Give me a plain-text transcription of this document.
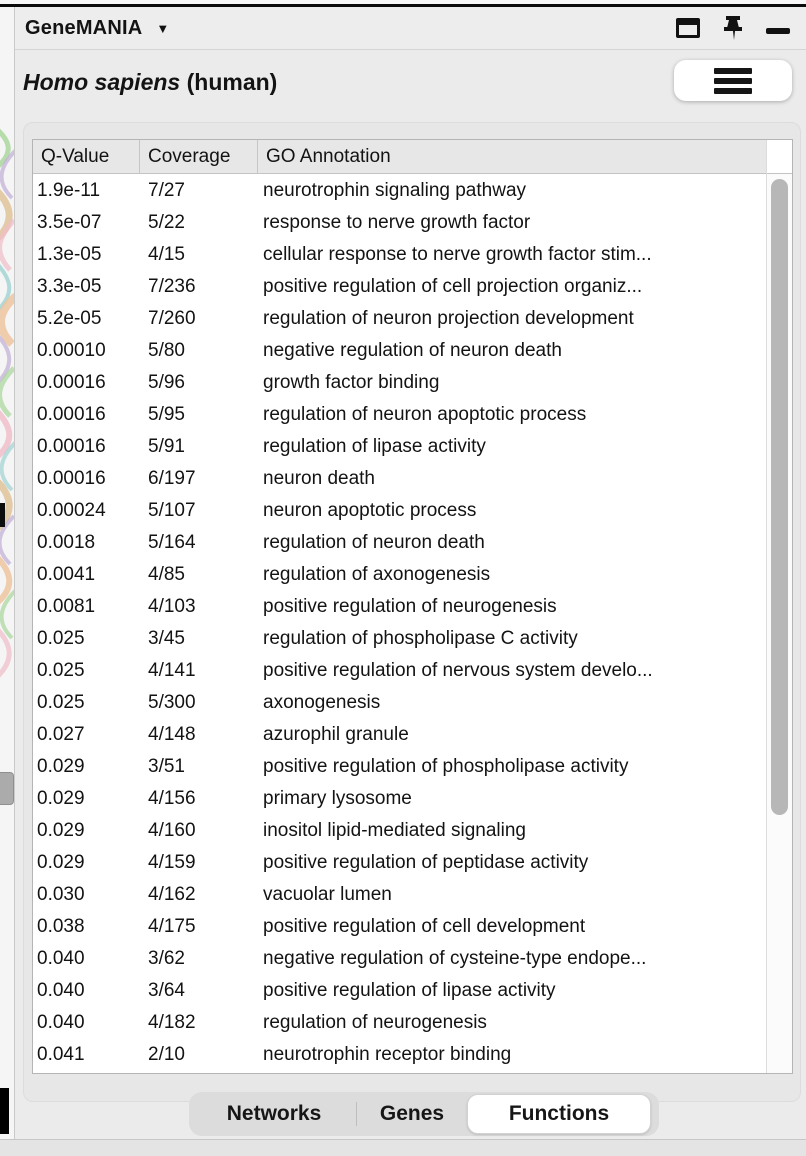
GeneMANIA ▼
Homo sapiens (human)
Q-Value	Coverage	GO Annotation
1.9e-11	7/27	neurotrophin signaling pathway
3.5e-07	5/22	response to nerve growth factor
1.3e-05	4/15	cellular response to nerve growth factor stim...
3.3e-05	7/236	positive regulation of cell projection organiz...
5.2e-05	7/260	regulation of neuron projection development
0.00010	5/80	negative regulation of neuron death
0.00016	5/96	growth factor binding
0.00016	5/95	regulation of neuron apoptotic process
0.00016	5/91	regulation of lipase activity
0.00016	6/197	neuron death
0.00024	5/107	neuron apoptotic process
0.0018	5/164	regulation of neuron death
0.0041	4/85	regulation of axonogenesis
0.0081	4/103	positive regulation of neurogenesis
0.025	3/45	regulation of phospholipase C activity
0.025	4/141	positive regulation of nervous system develo...
0.025	5/300	axonogenesis
0.027	4/148	azurophil granule
0.029	3/51	positive regulation of phospholipase activity
0.029	4/156	primary lysosome
0.029	4/160	inositol lipid-mediated signaling
0.029	4/159	positive regulation of peptidase activity
0.030	4/162	vacuolar lumen
0.038	4/175	positive regulation of cell development
0.040	3/62	negative regulation of cysteine-type endope...
0.040	3/64	positive regulation of lipase activity
0.040	4/182	regulation of neurogenesis
0.041	2/10	neurotrophin receptor binding
Networks	Genes	Functions
